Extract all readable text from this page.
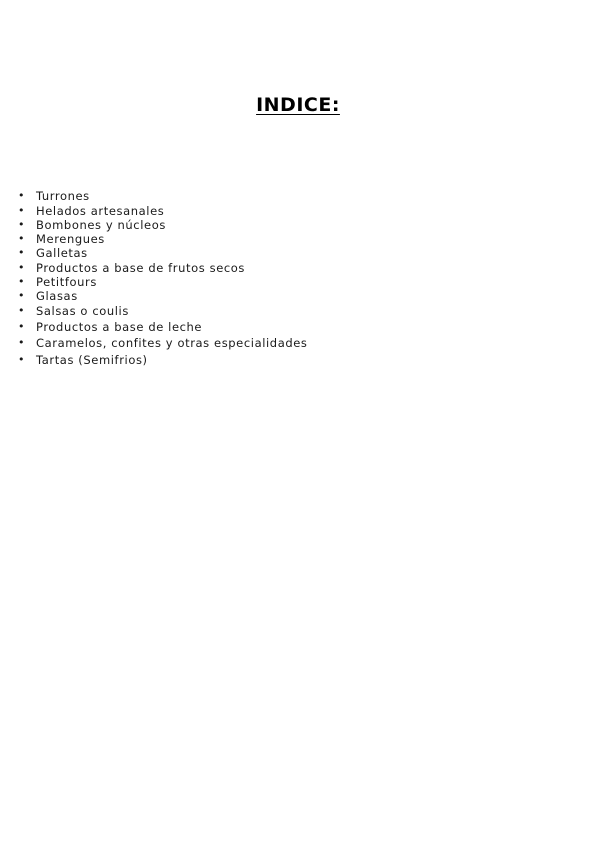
INDICE:
• Turrones
• Helados artesanales
• Bombones y núcleos
• Merengues
• Galletas
• Productos a base de frutos secos
• Petitfours
• Glasas
• Salsas o coulis
• Productos a base de leche
• Caramelos, confites y otras especialidades
• Tartas (Semifrios)
